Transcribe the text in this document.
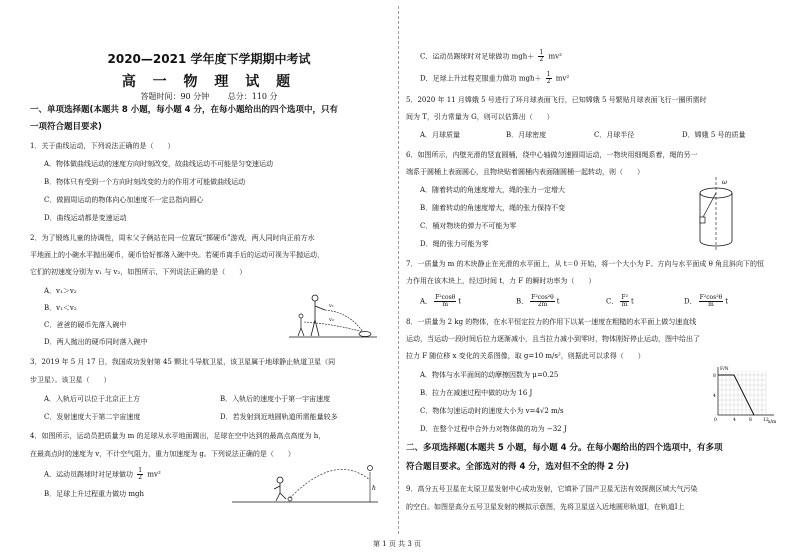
2020—2021 学年度下学期期中考试
高 一 物 理 试 题
答题时间：90 分钟 总分：110 分
一、单项选择题(本题共 8 小题，每小题 4 分，在每小题给出的四个选项中，只有
一项符合题目要求)
1．关于曲线运动，下列说法正确的是（　　）
A．物体做曲线运动的速度方向时刻改变，故曲线运动不可能是匀变速运动
B．物体只有受到一个方向时刻改变的力的作用才可能做曲线运动
C．做圆周运动的物体向心加速度不一定总指向圆心
D．曲线运动都是变速运动
2．为了锻炼儿童的协调性，周末父子俩站在同一位置玩“掷硬币”游戏，两人同时向正前方水
平地面上的小碗水平抛出硬币，硬币恰好都落入碗中央。若硬币离手后的运动可视为平抛运动，
它们的初速度分别为 v₁ 与 v₂，如图所示，下列说法正确的是（　　）
A．v₁＞v₂
B．v₁＜v₂
C．爸爸的硬币先落入碗中
D．两人抛出的硬币同时落入碗中
v₁
v₂
3．2019 年 5 月 17 日，我国成功发射第 45 颗北斗导航卫星，该卫星属于地球静止轨道卫星（同
步卫星）。该卫星（　　）
A．入轨后可以位于北京正上方	B．入轨后的速度小于第一宇宙速度
C．发射速度大于第二宇宙速度	D．若发射到近地圆轨道所需能量较多
4．如图所示，运动员把质量为 m 的足球从水平地面踢出，足球在空中达到的最高点高度为 h，
在最高点时的速度为 v，不计空气阻力，重力加速度为 g。下列说法正确的是（　　）
A．运动员踢球时对足球做功 $\frac{1}{2} mv^2$
B．足球上升过程重力做功 mgh
h
C．运动员踢球时对足球做功 $mgh+ \frac{1}{2} mv^2$
D．足球上升过程克服重力做功 $mgh+ \frac{1}{2} mv^2$
5．2020 年 11 月嫦娥 5 号进行了环月球表面飞行，已知嫦娥 5 号繁贴月球表面飞行一圈所需时
间为 T，引力常量为 G，则可以估算出（　　）
A．月球质量	B．月球密度	C．月球半径	D．嫦娥 5 号的质量
6．如图所示，内壁光滑的竖直圆桶，绕中心轴做匀速圆周运动，一物块用细绳系着，绳的另一
端系于圆桶上表面圆心，且物块贴着圆桶内表面随圆桶一起转动，则（　　）
A．随着转动的角速度增大，绳的张力一定增大
B．随着转动的角速度增大，绳的张力保持不变
C．桶对物块的弹力不可能为零
D．绳的张力可能为零
ω
7．一质量为 m 的木块静止在光滑的水平面上，从 t＝0 开始，将一个大小为 F、方向与水平面成 θ 角且斜向下的恒
力作用在该木块上，经过时间 t，力 F 的瞬时功率为（　　）
A． $\frac{\text{F²cosθ}}{m}$ t	B． $\frac{\text{F²cos²θ}}{2m}$ t	C． $\frac{\text{F²}}{m}$ t	D． $\frac{\text{F²cos²θ}}{m}$ t
8．一质量为 2 kg 的物体，在水平恒定拉力的作用下以某一速度在粗糙的水平面上做匀速直线
运动，当运动一段时间后拉力逐渐减小，且当拉力减小到零时，物体刚好停止运动，图中给出了
拉力 F 随位移 x 变化的关系图像，取 g=10 m/s²，则据此可以求得（　　）
A．物体与水平面间的动摩擦因数为 μ=0.25
B．拉力在减速过程中做的功为 16 J
C．物体匀速运动时的速度大小为 v=4√2 m/s
D．在整个过程中合外力对物体做的功为 −32 J
F/N
x/m
8
4
0	4	8 12
二、多项选择题(本题共 5 小题，每小题 4 分。在每小题给出的四个选项中，有多项
符合题目要求。全部选对的得 4 分，选对但不全的得 2 分)
9．高分五号卫星在太原卫星发射中心成功发射，它填补了国产卫星无法有效探测区域大气污染
的空白。如图是高分五号卫星发射的模拟示意图，先将卫星送入近地圆形轨道Ⅰ，在轨道Ⅰ上
第 1 页 共 3 页
